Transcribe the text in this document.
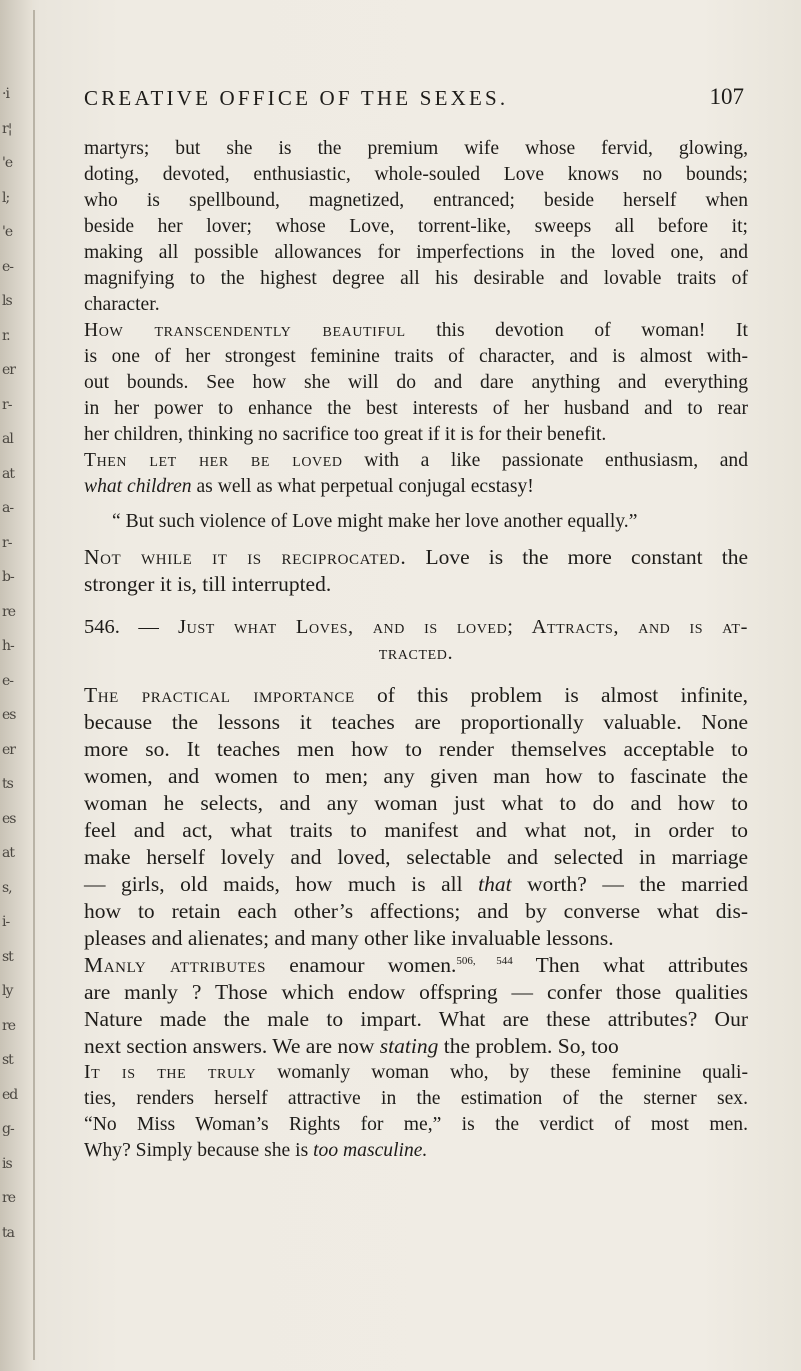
·i
r¦
'e
l;
'e
e-
ls
r.
er
r-
al
at
a-
r-
b-
re
h-
e-
es
er
ts
es
at
s,
i-
st
ly
re
st
ed
g-
is
re
ta
CREATIVE OFFICE OF THE SEXES.	107
martyrs; but she is the premium wife whose fervid, glowing,
doting, devoted, enthusiastic, whole-souled Love knows no bounds;
who is spellbound, magnetized, entranced; beside herself when
beside her lover; whose Love, torrent-like, sweeps all before it;
making all possible allowances for imperfections in the loved one, and
magnifying to the highest degree all his desirable and lovable traits of
character.
How transcendently beautiful this devotion of woman! It
is one of her strongest feminine traits of character, and is almost with-
out bounds. See how she will do and dare anything and everything
in her power to enhance the best interests of her husband and to rear
her children, thinking no sacrifice too great if it is for their benefit.
Then let her be loved with a like passionate enthusiasm, and
what children as well as what perpetual conjugal ecstasy!
“ But such violence of Love might make her love another equally.”
Not while it is reciprocated. Love is the more constant the
stronger it is, till interrupted.
546. — Just what Loves, and is loved; Attracts, and is at-
tracted.
The practical importance of this problem is almost infinite,
because the lessons it teaches are proportionally valuable. None
more so. It teaches men how to render themselves acceptable to
women, and women to men; any given man how to fascinate the
woman he selects, and any woman just what to do and how to
feel and act, what traits to manifest and what not, in order to
make herself lovely and loved, selectable and selected in marriage
— girls, old maids, how much is all that worth? — the married
how to retain each other’s affections; and by converse what dis-
pleases and alienates; and many other like invaluable lessons.
Manly attributes enamour women.$^{506, 544}$ Then what attributes
are manly ? Those which endow offspring — confer those qualities
Nature made the male to impart. What are these attributes? Our
next section answers. We are now stating the problem. So, too
It is the truly womanly woman who, by these feminine quali-
ties, renders herself attractive in the estimation of the sterner sex.
“No Miss Woman’s Rights for me,” is the verdict of most men.
Why? Simply because she is too masculine.
